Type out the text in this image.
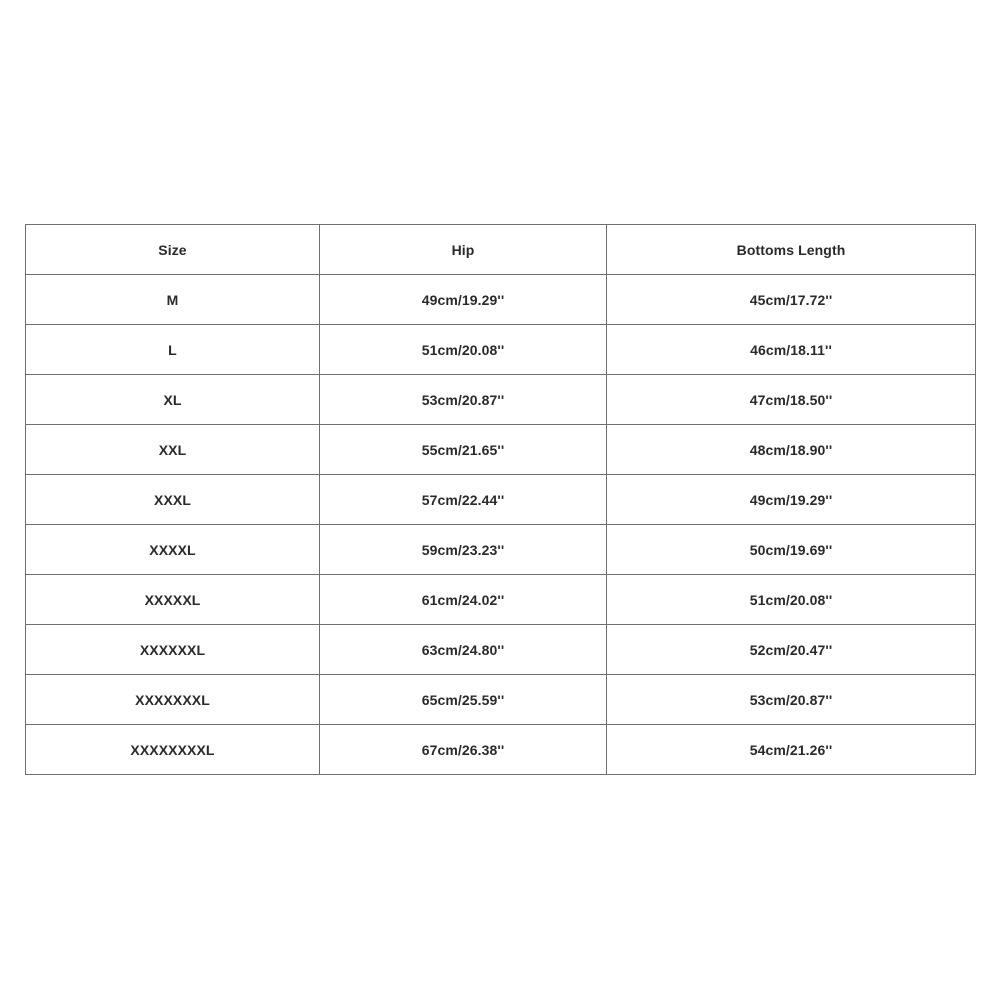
Size	Hip	Bottoms Length
M	49cm/19.29''	45cm/17.72''
L	51cm/20.08''	46cm/18.11''
XL	53cm/20.87''	47cm/18.50''
XXL	55cm/21.65''	48cm/18.90''
XXXL	57cm/22.44''	49cm/19.29''
XXXXL	59cm/23.23''	50cm/19.69''
XXXXXL	61cm/24.02''	51cm/20.08''
XXXXXXL	63cm/24.80''	52cm/20.47''
XXXXXXXL	65cm/25.59''	53cm/20.87''
XXXXXXXXL	67cm/26.38''	54cm/21.26''
